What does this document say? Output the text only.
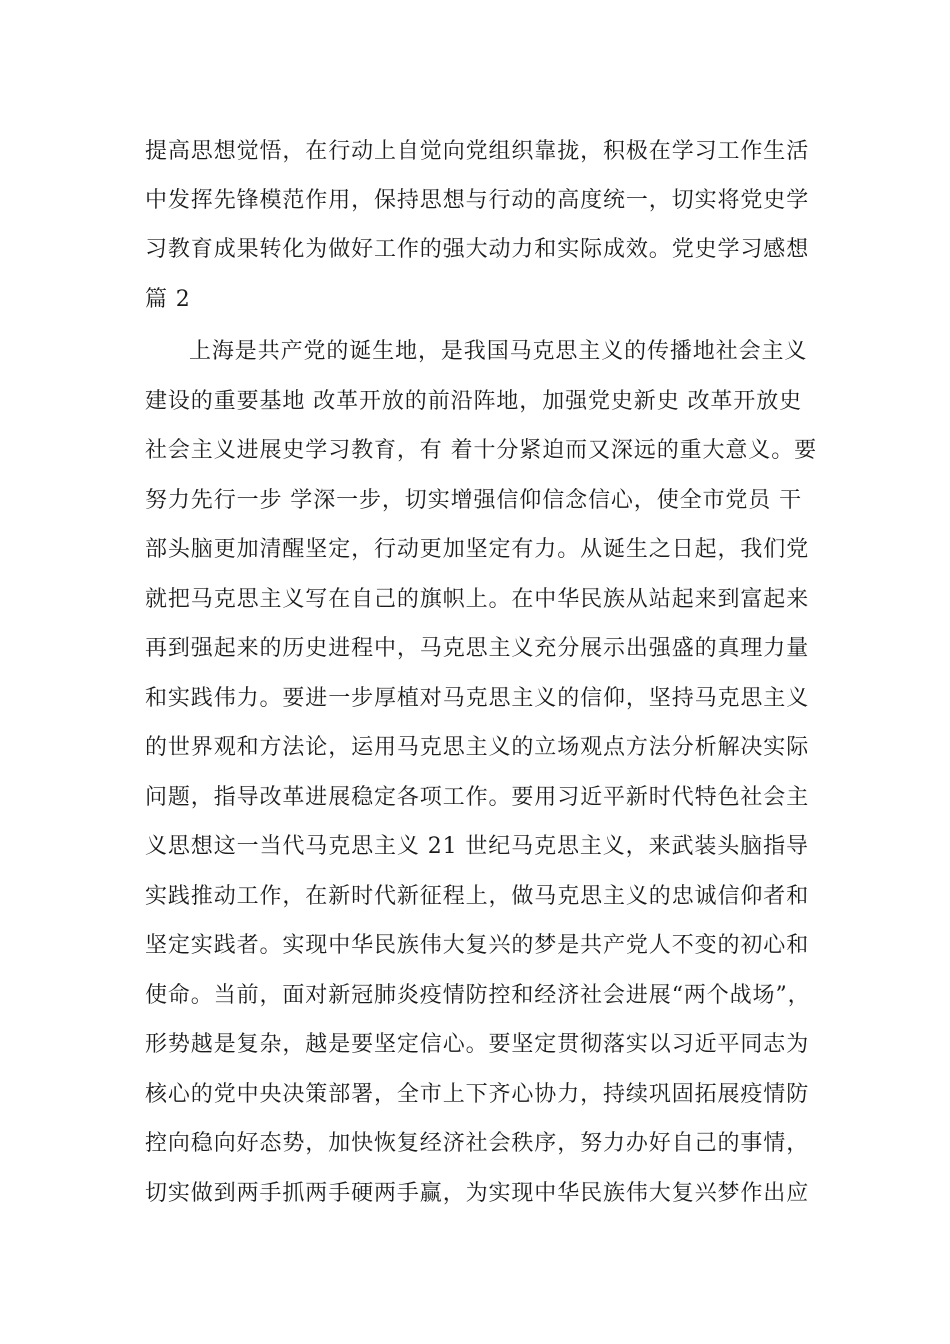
提高思想觉悟，在行动上自觉向党组织靠拢，积极在学习工作生活
中发挥先锋模范作用，保持思想与行动的高度统一，切实将党史学
习教育成果转化为做好工作的强大动力和实际成效。党史学习感想
篇 2
上海是共产党的诞生地，是我国马克思主义的传播地社会主义
建设的重要基地 改革开放的前沿阵地，加强党史新史 改革开放史
社会主义进展史学习教育，有 着十分紧迫而又深远的重大意义。要
努力先行一步 学深一步，切实增强信仰信念信心，使全市党员 干
部头脑更加清醒坚定，行动更加坚定有力。从诞生之日起，我们党
就把马克思主义写在自己的旗帜上。在中华民族从站起来到富起来
再到强起来的历史进程中，马克思主义充分展示出强盛的真理力量
和实践伟力。要进一步厚植对马克思主义的信仰，坚持马克思主义
的世界观和方法论，运用马克思主义的立场观点方法分析解决实际
问题，指导改革进展稳定各项工作。要用习近平新时代特色社会主
义思想这一当代马克思主义 21 世纪马克思主义，来武装头脑指导
实践推动工作，在新时代新征程上，做马克思主义的忠诚信仰者和
坚定实践者。实现中华民族伟大复兴的梦是共产党人不变的初心和
使命。当前，面对新冠肺炎疫情防控和经济社会进展“两个战场”，
形势越是复杂，越是要坚定信心。要坚定贯彻落实以习近平同志为
核心的党中央决策部署，全市上下齐心协力，持续巩固拓展疫情防
控向稳向好态势，加快恢复经济社会秩序，努力办好自己的事情，
切实做到两手抓两手硬两手赢，为实现中华民族伟大复兴梦作出应
